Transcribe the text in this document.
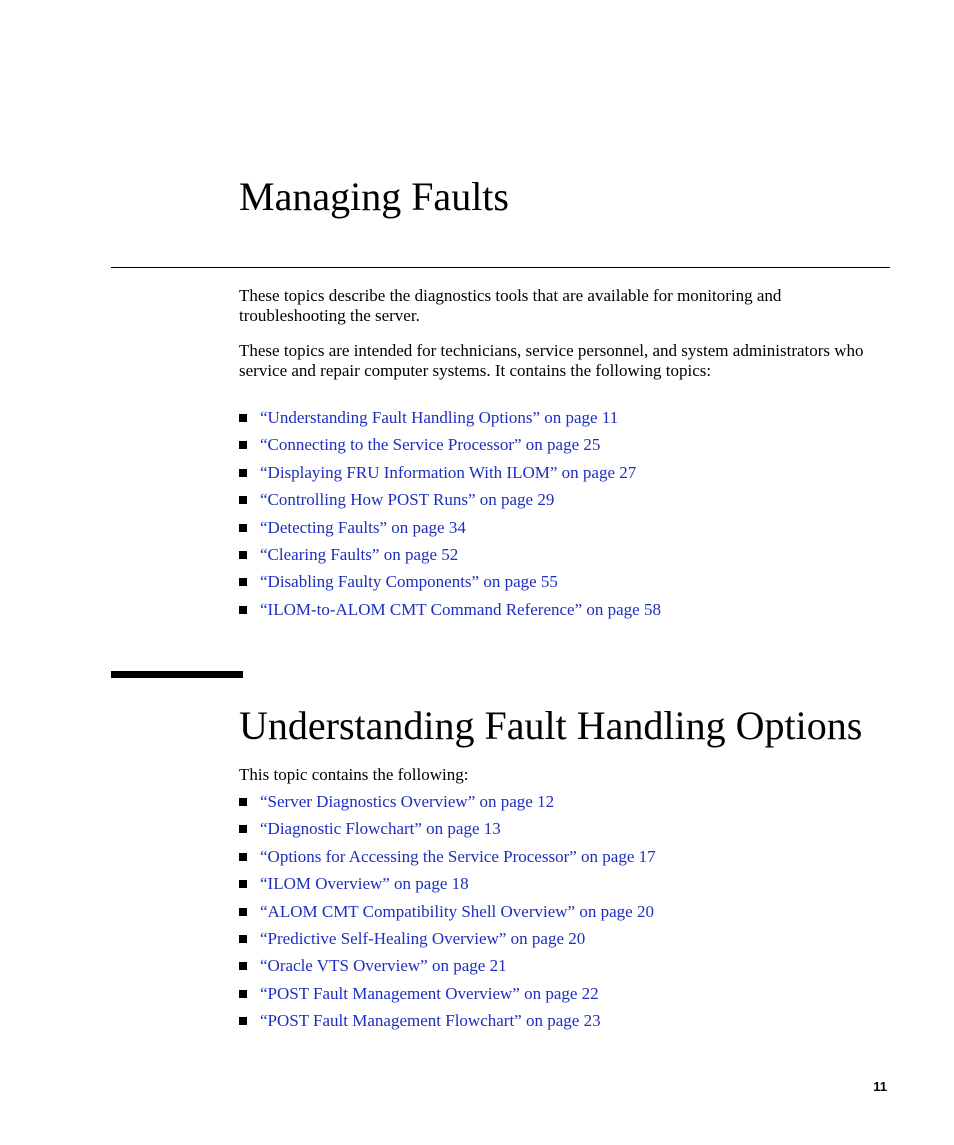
Managing Faults

These topics describe the diagnostics tools that are available for monitoring and troubleshooting the server.

These topics are intended for technicians, service personnel, and system administrators who service and repair computer systems. It contains the following topics:

“Understanding Fault Handling Options” on page 11
“Connecting to the Service Processor” on page 25
“Displaying FRU Information With ILOM” on page 27
“Controlling How POST Runs” on page 29
“Detecting Faults” on page 34
“Clearing Faults” on page 52
“Disabling Faulty Components” on page 55
“ILOM-to-ALOM CMT Command Reference” on page 58
Understanding Fault Handling Options

This topic contains the following:

“Server Diagnostics Overview” on page 12
“Diagnostic Flowchart” on page 13
“Options for Accessing the Service Processor” on page 17
“ILOM Overview” on page 18
“ALOM CMT Compatibility Shell Overview” on page 20
“Predictive Self-Healing Overview” on page 20
“Oracle VTS Overview” on page 21
“POST Fault Management Overview” on page 22
“POST Fault Management Flowchart” on page 23
11
